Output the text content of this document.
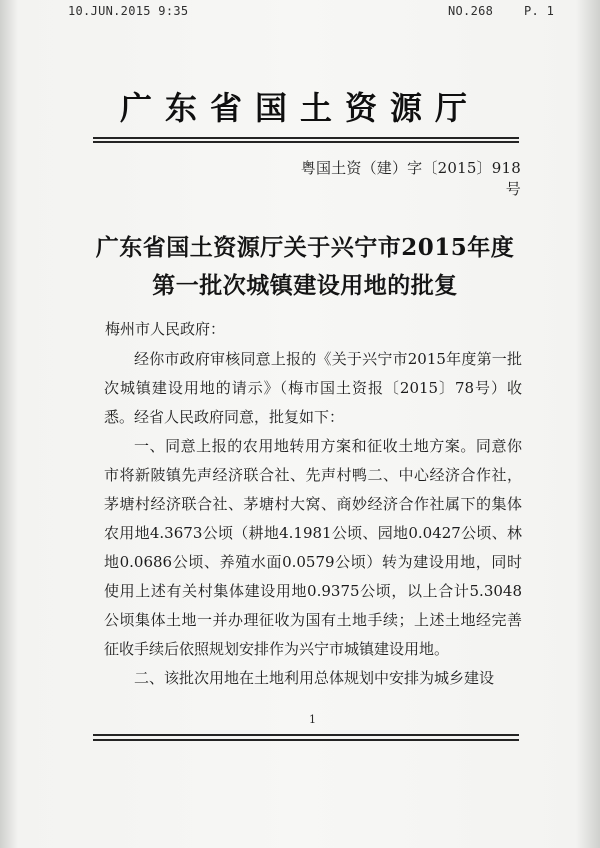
10.JUN.2015 9:35	NO.268	P. 1
广东省国土资源厅
粤国土资（建）字〔2015〕918号
广东省国土资源厅关于兴宁市2015年度
第一批次城镇建设用地的批复
梅州市人民政府：

经你市政府审核同意上报的《关于兴宁市2015年度第一批次城镇建设用地的请示》（梅市国土资报〔2015〕78号）收悉。经省人民政府同意，批复如下：

一、同意上报的农用地转用方案和征收土地方案。同意你市将新陂镇先声经济联合社、先声村鸭二、中心经济合作社，茅塘村经济联合社、茅塘村大窝、商妙经济合作社属下的集体农用地4.3673公顷（耕地4.1981公顷、园地0.0427公顷、林地0.0686公顷、养殖水面0.0579公顷）转为建设用地，同时使用上述有关村集体建设用地0.9375公顷，以上合计5.3048公顷集体土地一并办理征收为国有土地手续；上述土地经完善征收手续后依照规划安排作为兴宁市城镇建设用地。

二、该批次用地在土地利用总体规划中安排为城乡建设

1
